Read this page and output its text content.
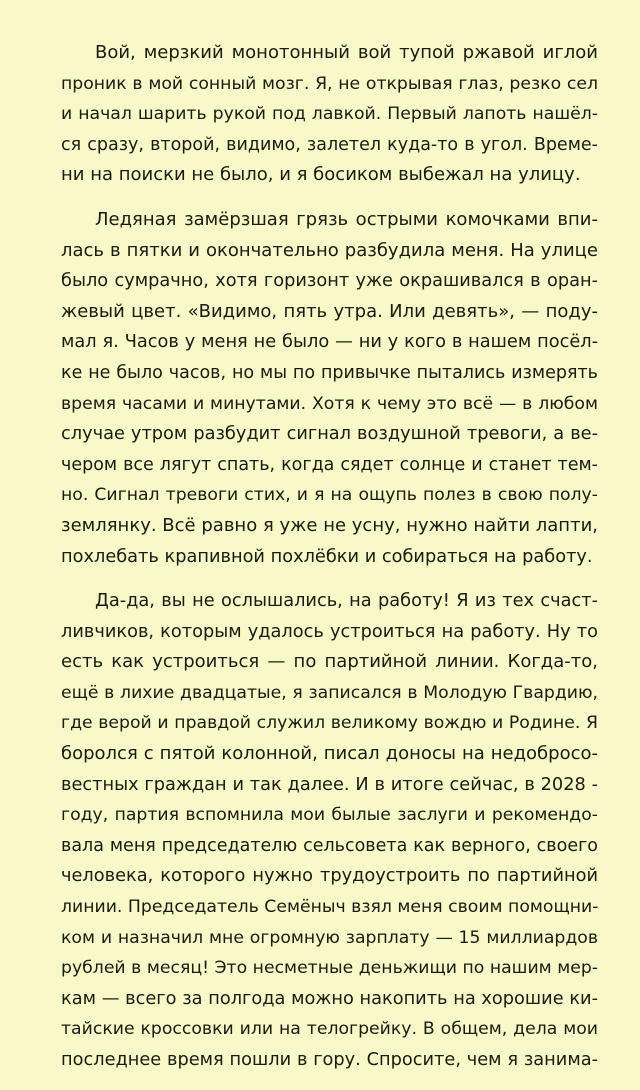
Вой, мерзкий монотонный вой тупой ржавой иглой
проник в мой сонный мозг. Я, не открывая глаз, резко сел
и начал шарить рукой под лавкой. Первый лапоть нашёл-
ся сразу, второй, видимо, залетел куда-то в угол. Време-
ни на поиски не было, и я босиком выбежал на улицу.
Ледяная замёрзшая грязь острыми комочками впи-
лась в пятки и окончательно разбудила меня. На улице
было сумрачно, хотя горизонт уже окрашивался в оран-
жевый цвет. «Видимо, пять утра. Или девять», — поду-
мал я. Часов у меня не было — ни у кого в нашем посёл-
ке не было часов, но мы по привычке пытались измерять
время часами и минутами. Хотя к чему это всё — в любом
случае утром разбудит сигнал воздушной тревоги, а ве-
чером все лягут спать, когда сядет солнце и станет тем-
но. Сигнал тревоги стих, и я на ощупь полез в свою полу-
землянку. Всё равно я уже не усну, нужно найти лапти,
похлебать крапивной похлёбки и собираться на работу.
Да-да, вы не ослышались, на работу! Я из тех счаст-
ливчиков, которым удалось устроиться на работу. Ну то
есть как устроиться — по партийной линии. Когда-то,
ещё в лихие двадцатые, я записался в Молодую Гвардию,
где верой и правдой служил великому вождю и Родине. Я
боролся с пятой колонной, писал доносы на недобросо-
вестных граждан и так далее. И в итоге сейчас, в 2028 -
году, партия вспомнила мои былые заслуги и рекомендо-
вала меня председателю сельсовета как верного, своего
человека, которого нужно трудоустроить по партийной
линии. Председатель Семёныч взял меня своим помощни-
ком и назначил мне огромную зарплату — 15 миллиардов
рублей в месяц! Это несметные деньжищи по нашим мер-
кам — всего за полгода можно накопить на хорошие ки-
тайские кроссовки или на телогрейку. В общем, дела мои
последнее время пошли в гору. Спросите, чем я занима-
